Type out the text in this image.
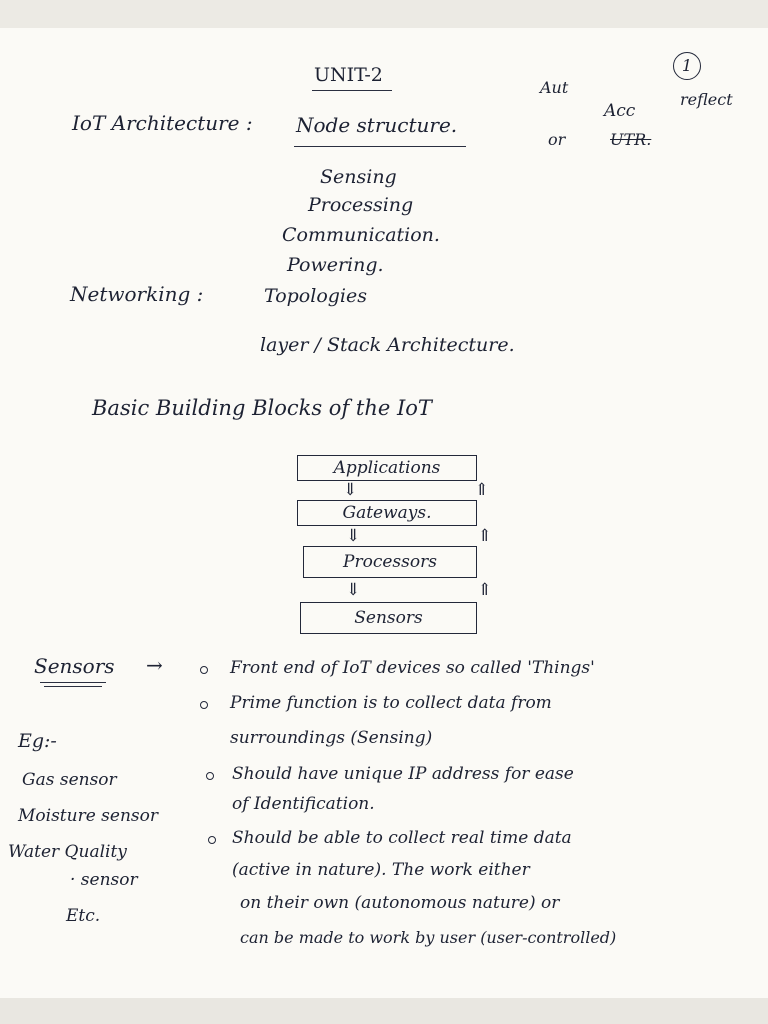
1
UNIT-2
Aut
reflect
Acc
or	UTR.
IoT Architecture : Node structure.
Sensing
Processing
Communication.
Powering.
Networking :	Topologies
layer / Stack Architecture.
Basic Building Blocks of the IoT
Applications
⇓ ⇑
Gateways.
⇓ ⇑
Processors
⇓ ⇑
Sensors
Sensors →	Front end of IoT devices so called 'Things'
Prime function is to collect data from
surroundings (Sensing)
Should have unique IP address for ease
of Identification.
Should be able to collect real time data
(active in nature). The work either
on their own (autonomous nature) or
can be made to work by user (user-controlled)
Eg:-
Gas sensor
Moisture sensor
Water Quality
· sensor
Etc.
